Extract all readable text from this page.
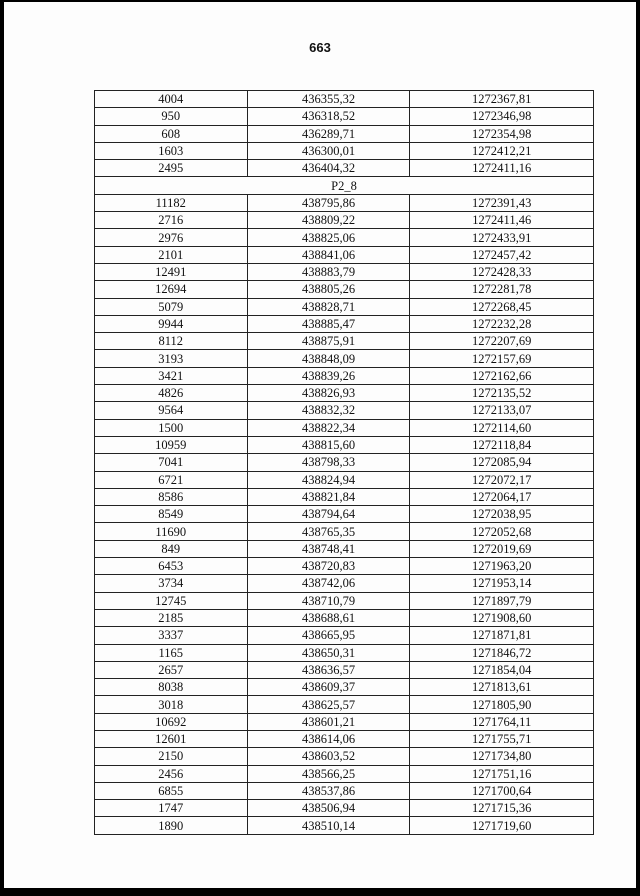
663
4004	436355,32	1272367,81
950	436318,52	1272346,98
608	436289,71	1272354,98
1603	436300,01	1272412,21
2495	436404,32	1272411,16
P2_8		
11182	438795,86	1272391,43
2716	438809,22	1272411,46
2976	438825,06	1272433,91
2101	438841,06	1272457,42
12491	438883,79	1272428,33
12694	438805,26	1272281,78
5079	438828,71	1272268,45
9944	438885,47	1272232,28
8112	438875,91	1272207,69
3193	438848,09	1272157,69
3421	438839,26	1272162,66
4826	438826,93	1272135,52
9564	438832,32	1272133,07
1500	438822,34	1272114,60
10959	438815,60	1272118,84
7041	438798,33	1272085,94
6721	438824,94	1272072,17
8586	438821,84	1272064,17
8549	438794,64	1272038,95
11690	438765,35	1272052,68
849	438748,41	1272019,69
6453	438720,83	1271963,20
3734	438742,06	1271953,14
12745	438710,79	1271897,79
2185	438688,61	1271908,60
3337	438665,95	1271871,81
1165	438650,31	1271846,72
2657	438636,57	1271854,04
8038	438609,37	1271813,61
3018	438625,57	1271805,90
10692	438601,21	1271764,11
12601	438614,06	1271755,71
2150	438603,52	1271734,80
2456	438566,25	1271751,16
6855	438537,86	1271700,64
1747	438506,94	1271715,36
1890	438510,14	1271719,60
